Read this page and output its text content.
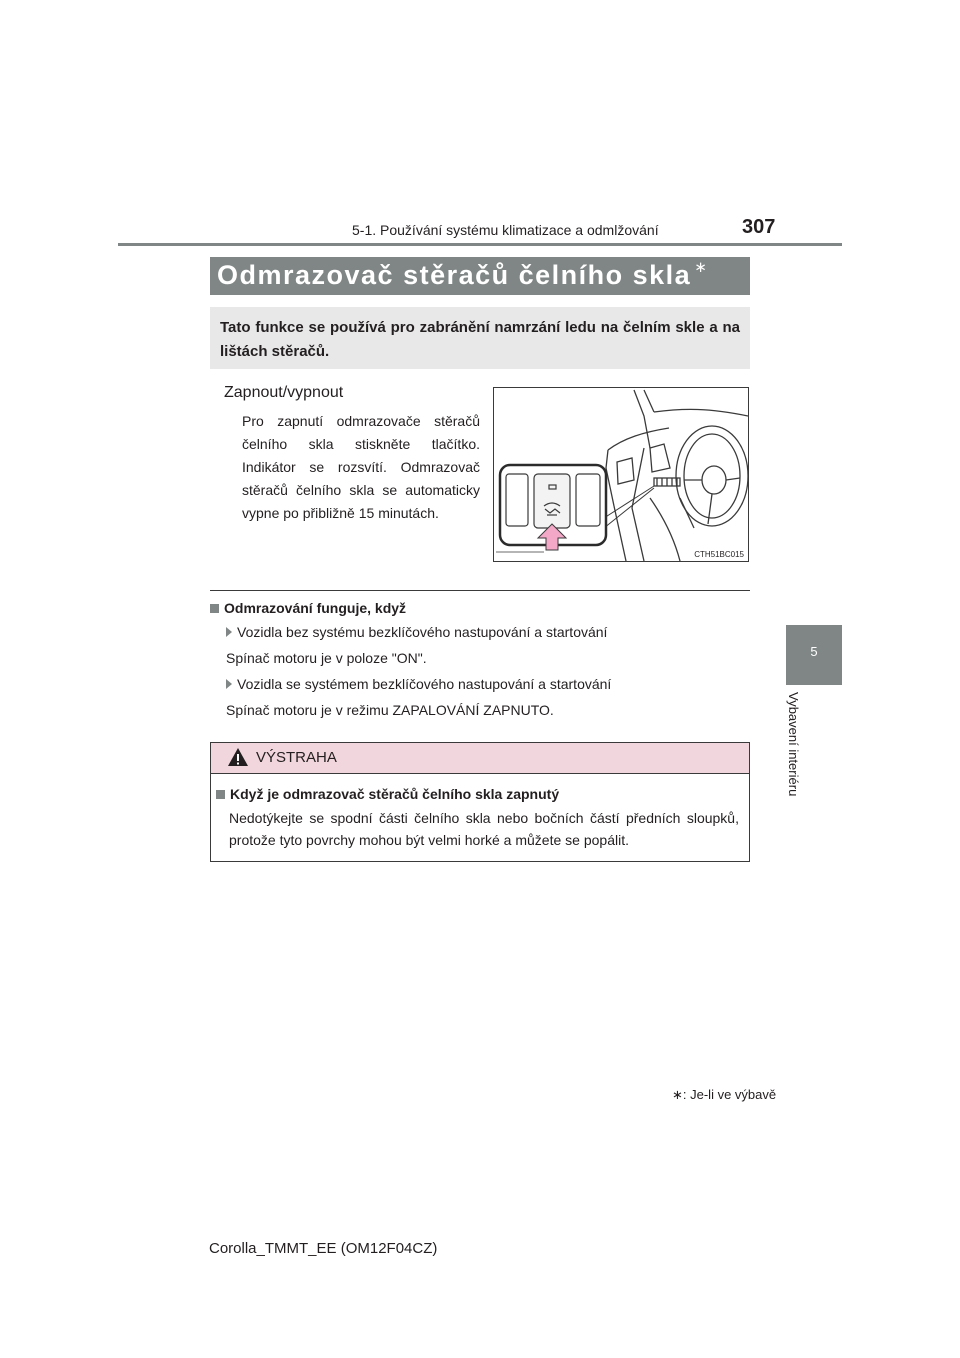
5-1. Používání systému klimatizace a odmlžování	307
5
Vybavení interiéru
Odmrazovač stěračů čelního skla ∗
Tato funkce se používá pro zabránění namrzání ledu na čelním skle a na lištách stěračů.
Zapnout/vypnout
Pro zapnutí odmrazovače stěračů čelního skla stiskněte tlačítko. Indikátor se rozsvítí. Odmrazovač stěračů čelního skla se automaticky vypne po přibližně 15 minutách.
CTH51BC015
Odmrazování funguje, když
Vozidla bez systému bezklíčového nastupování a startování
Spínač motoru je v poloze "ON".
Vozidla se systémem bezklíčového nastupování a startování
Spínač motoru je v režimu ZAPALOVÁNÍ ZAPNUTO.
VÝSTRAHA
Když je odmrazovač stěračů čelního skla zapnutý
Nedotýkejte se spodní části čelního skla nebo bočních částí předních sloupků, protože tyto povrchy mohou být velmi horké a můžete se popálit.
∗: Je-li ve výbavě
Corolla_TMMT_EE (OM12F04CZ)
